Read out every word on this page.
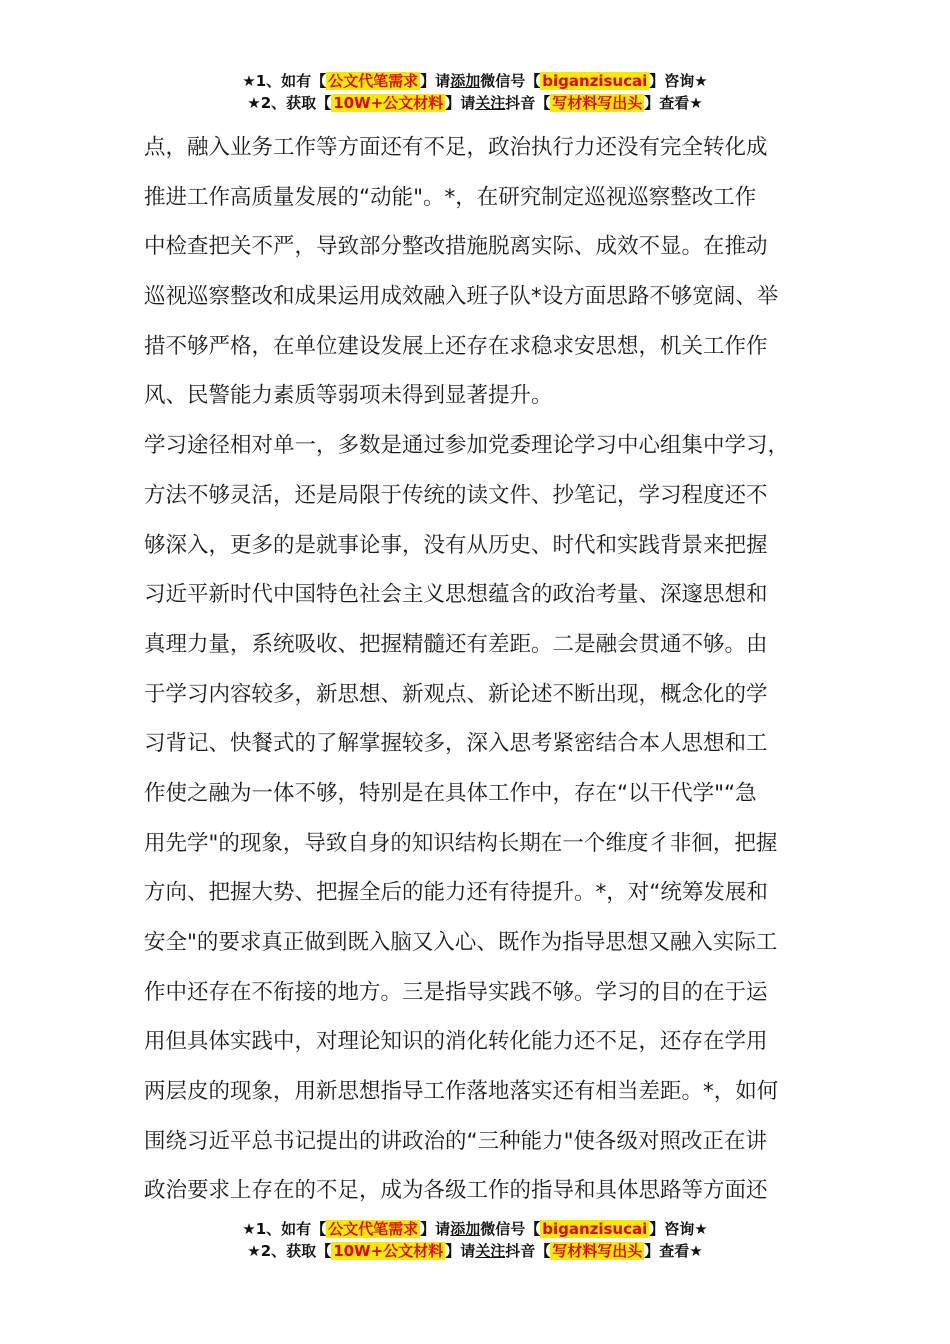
★1、如有【 公文代笔需求 】请添加微信号【 biganzisucai 】咨询★
★2、获取【 10W+公文材料 】请关注抖音【 写材料写出头 】查看★
点，融入业务工作等方面还有不足，政治执行力还没有完全转化成
推进工作高质量发展的“动能"。*，在研究制定巡视巡察整改工作
中检查把关不严，导致部分整改措施脱离实际、成效不显。在推动
巡视巡察整改和成果运用成效融入班子队*设方面思路不够宽阔、举
措不够严格，在单位建设发展上还存在求稳求安思想，机关工作作
风、民警能力素质等弱项未得到显著提升。
学习途径相对单一，多数是通过参加党委理论学习中心组集中学习，
方法不够灵活，还是局限于传统的读文件、抄笔记，学习程度还不
够深入，更多的是就事论事，没有从历史、时代和实践背景来把握
习近平新时代中国特色社会主义思想蕴含的政治考量、深邃思想和
真理力量，系统吸收、把握精髓还有差距。二是融会贯通不够。由
于学习内容较多，新思想、新观点、新论述不断出现，概念化的学
习背记、快餐式的了解掌握较多，深入思考紧密结合本人思想和工
作使之融为一体不够，特别是在具体工作中，存在“以干代学"“急
用先学"的现象，导致自身的知识结构长期在一个维度彳非徊，把握
方向、把握大势、把握全后的能力还有待提升。*，对“统筹发展和
安全"的要求真正做到既入脑又入心、既作为指导思想又融入实际工
作中还存在不衔接的地方。三是指导实践不够。学习的目的在于运
用但具体实践中，对理论知识的消化转化能力还不足，还存在学用
两层皮的现象，用新思想指导工作落地落实还有相当差距。*，如何
围绕习近平总书记提出的讲政治的“三种能力"使各级对照改正在讲
政治要求上存在的不足，成为各级工作的指导和具体思路等方面还
★1、如有【 公文代笔需求 】请添加微信号【 biganzisucai 】咨询★
★2、获取【 10W+公文材料 】请关注抖音【 写材料写出头 】查看★
